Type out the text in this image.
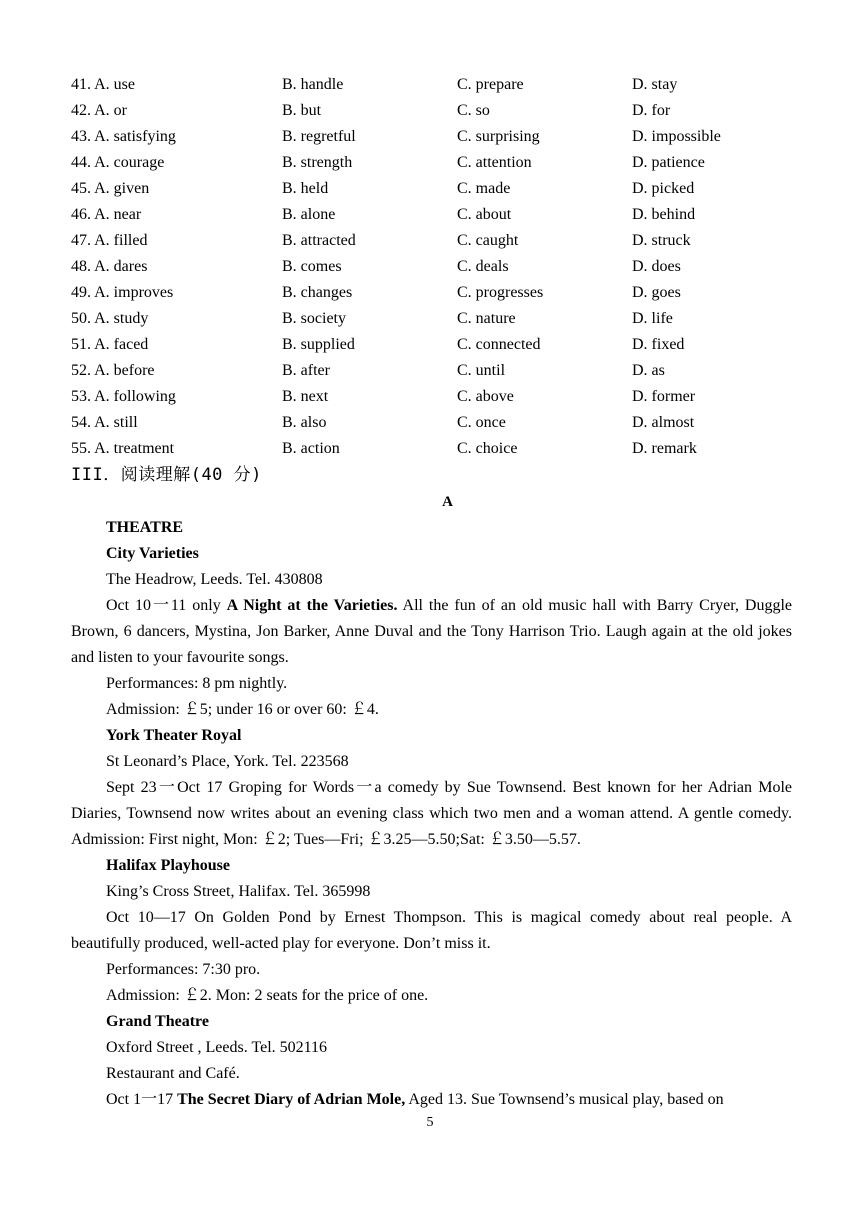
41. A. use	B. handle	C. prepare	D. stay
42. A. or	B. but	C. so	D. for
43. A. satisfying	B. regretful	C. surprising	D. impossible
44. A. courage	B. strength	C. attention	D. patience
45. A. given	B. held	C. made	D. picked
46. A. near	B. alone	C. about	D. behind
47. A. filled	B. attracted	C. caught	D. struck
48. A. dares	B. comes	C. deals	D. does
49. A. improves	B. changes	C. progresses	D. goes
50. A. study	B. society	C. nature	D. life
51. A. faced	B. supplied	C. connected	D. fixed
52. A. before	B. after	C. until	D. as
53. A. following	B. next	C. above	D. former
54. A. still	B. also	C. once	D. almost
55. A. treatment	B. action	C. choice	D. remark
III．阅读理解(40 分)
A
THEATRE
City Varieties
The Headrow, Leeds. Tel. 430808
Oct 10一11 only A Night at the Varieties. All the fun of an old music hall with Barry Cryer, Duggle Brown, 6 dancers, Mystina, Jon Barker, Anne Duval and the Tony Harrison Trio. Laugh again at the old jokes and listen to your favourite songs.
Performances: 8 pm nightly.
Admission: ￡5; under 16 or over 60: ￡4.
York Theater Royal
St Leonard’s Place, York. Tel. 223568
Sept 23一Oct 17 Groping for Words一a comedy by Sue Townsend. Best known for her Adrian Mole Diaries, Townsend now writes about an evening class which two men and a woman attend. A gentle comedy. Admission: First night, Mon: ￡2; Tues—Fri; ￡3.25—5.50;Sat: ￡3.50—5.57.
Halifax Playhouse
King’s Cross Street, Halifax. Tel. 365998
Oct 10—17 On Golden Pond by Ernest Thompson. This is magical comedy about real people. A beautifully produced, well-acted play for everyone. Don’t miss it.
Performances: 7:30 pro.
Admission: ￡2. Mon: 2 seats for the price of one.
Grand Theatre
Oxford Street , Leeds. Tel. 502116
Restaurant and Café.
Oct 1一17 The Secret Diary of Adrian Mole, Aged 13. Sue Townsend’s musical play, based on
5
